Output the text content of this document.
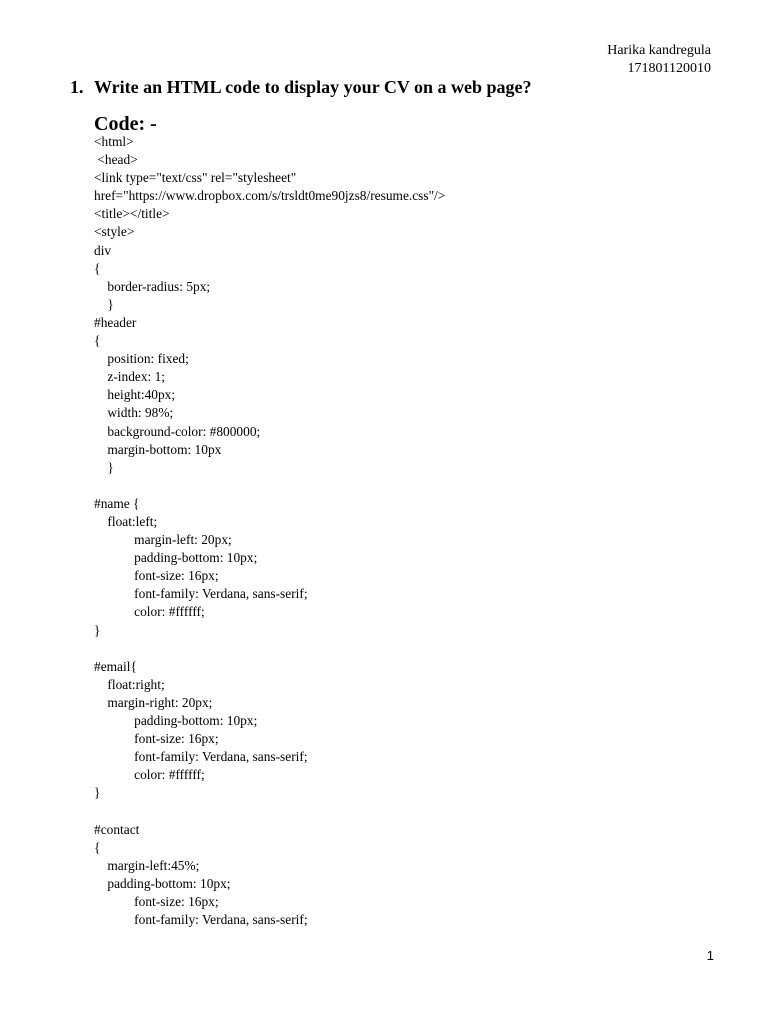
Harika kandregula
171801120010
1. Write an HTML code to display your CV on a web page?
Code: -
<html>
<head>
<link type="text/css" rel="stylesheet"
href="https://www.dropbox.com/s/trsldt0me90jzs8/resume.css"/>
<title></title>
<style>
div
{
border-radius: 5px;
}
#header
{
position: fixed;
z-index: 1;
height:40px;
width: 98%;
background-color: #800000;
margin-bottom: 10px
}
#name {
float:left;
margin-left: 20px;
padding-bottom: 10px;
font-size: 16px;
font-family: Verdana, sans-serif;
color: #ffffff;
}
#email{
float:right;
margin-right: 20px;
padding-bottom: 10px;
font-size: 16px;
font-family: Verdana, sans-serif;
color: #ffffff;
}
#contact
{
margin-left:45%;
padding-bottom: 10px;
font-size: 16px;
font-family: Verdana, sans-serif;
1
